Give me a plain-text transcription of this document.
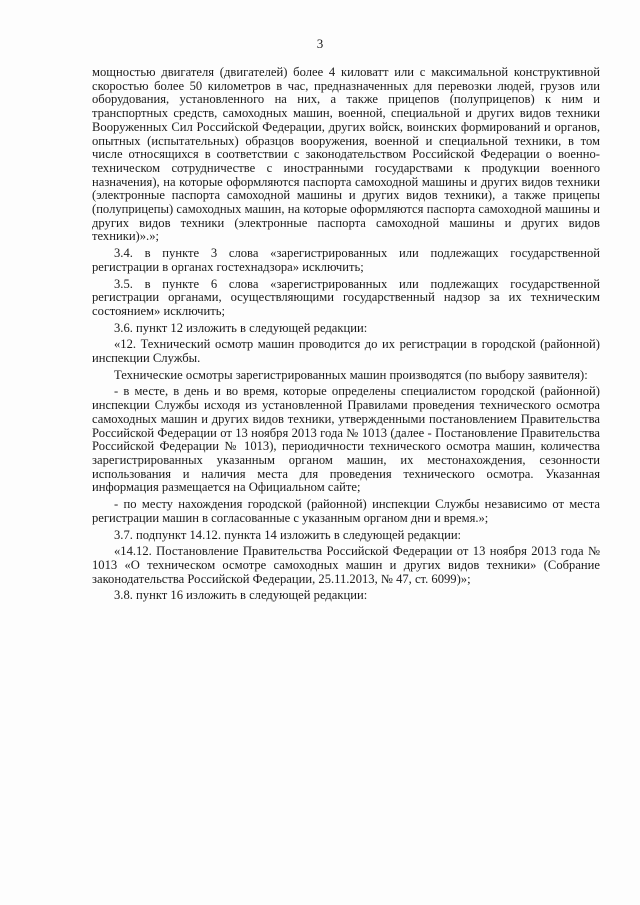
3

мощностью двигателя (двигателей) более 4 киловатт или с максимальной конструктивной скоростью более 50 километров в час, предназначенных для перевозки людей, грузов или оборудования, установленного на них, а также прицепов (полуприцепов) к ним и транспортных средств, самоходных машин, военной, специальной и других видов техники Вооруженных Сил Российской Федерации, других войск, воинских формирований и органов, опытных (испытательных) образцов вооружения, военной и специальной техники, в том числе относящихся в соответствии с законодательством Российской Федерации о военно-техническом сотрудничестве с иностранными государствами к продукции военного назначения), на которые оформляются паспорта самоходной машины и других видов техники (электронные паспорта самоходной машины и других видов техники), а также прицепы (полуприцепы) самоходных машин, на которые оформляются паспорта самоходной машины и других видов техники (электронные паспорта самоходной машины и других видов техники)».»;

3.4. в пункте 3 слова «зарегистрированных или подлежащих государственной регистрации в органах гостехнадзора» исключить;

3.5. в пункте 6 слова «зарегистрированных или подлежащих государственной регистрации органами, осуществляющими государственный надзор за их техническим состоянием» исключить;

3.6. пункт 12 изложить в следующей редакции:

«12. Технический осмотр машин проводится до их регистрации в городской (районной) инспекции Службы.

Технические осмотры зарегистрированных машин производятся (по выбору заявителя):

- в месте, в день и во время, которые определены специалистом городской (районной) инспекции Службы исходя из установленной Правилами проведения технического осмотра самоходных машин и других видов техники, утвержденными постановлением Правительства Российской Федерации от 13 ноября 2013 года № 1013 (далее - Постановление Правительства Российской Федерации № 1013), периодичности технического осмотра машин, количества зарегистрированных указанным органом машин, их местонахождения, сезонности использования и наличия места для проведения технического осмотра. Указанная информация размещается на Официальном сайте;

- по месту нахождения городской (районной) инспекции Службы независимо от места регистрации машин в согласованные с указанным органом дни и время.»;

3.7. подпункт 14.12. пункта 14 изложить в следующей редакции:

«14.12. Постановление Правительства Российской Федерации от 13 ноября 2013 года № 1013 «О техническом осмотре самоходных машин и других видов техники» (Собрание законодательства Российской Федерации, 25.11.2013, № 47, ст. 6099)»;

3.8. пункт 16 изложить в следующей редакции:
